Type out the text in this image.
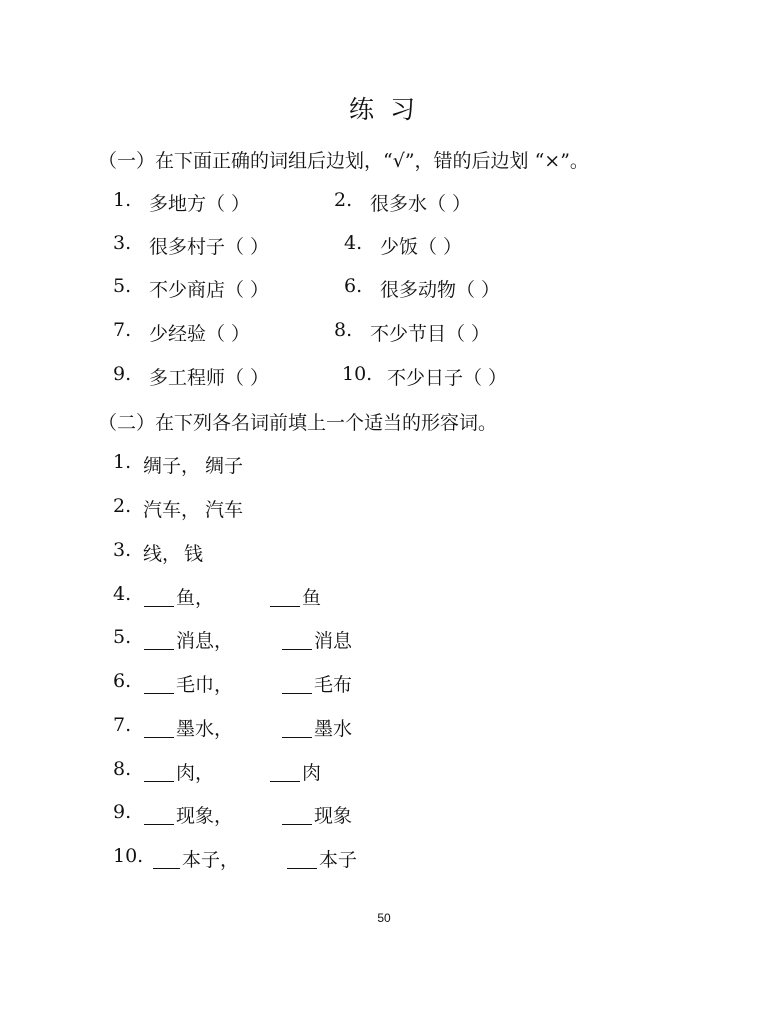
练 习
（一）在下面正确的词组后边划，“√”，错的后边划 “×”。
1. 多地方（ ）	2. 很多水（ ）
3. 很多村子（ ）	4. 少饭（ ）
5. 不少商店（ ）	6. 很多动物（ ）
7. 少经验（ ）	8. 不少节目（ ）
9. 多工程师（ ）	10. 不少日子（ ）
（二）在下列各名词前填上一个适当的形容词。
1. 绸子， 绸子
2. 汽车， 汽车
3. 线， 钱
4. 鱼，	鱼
5. 消息，	消息
6. 毛巾，	毛布
7. 墨水，	墨水
8. 肉，	肉
9. 现象，	现象
10. 本子，	本子
50
